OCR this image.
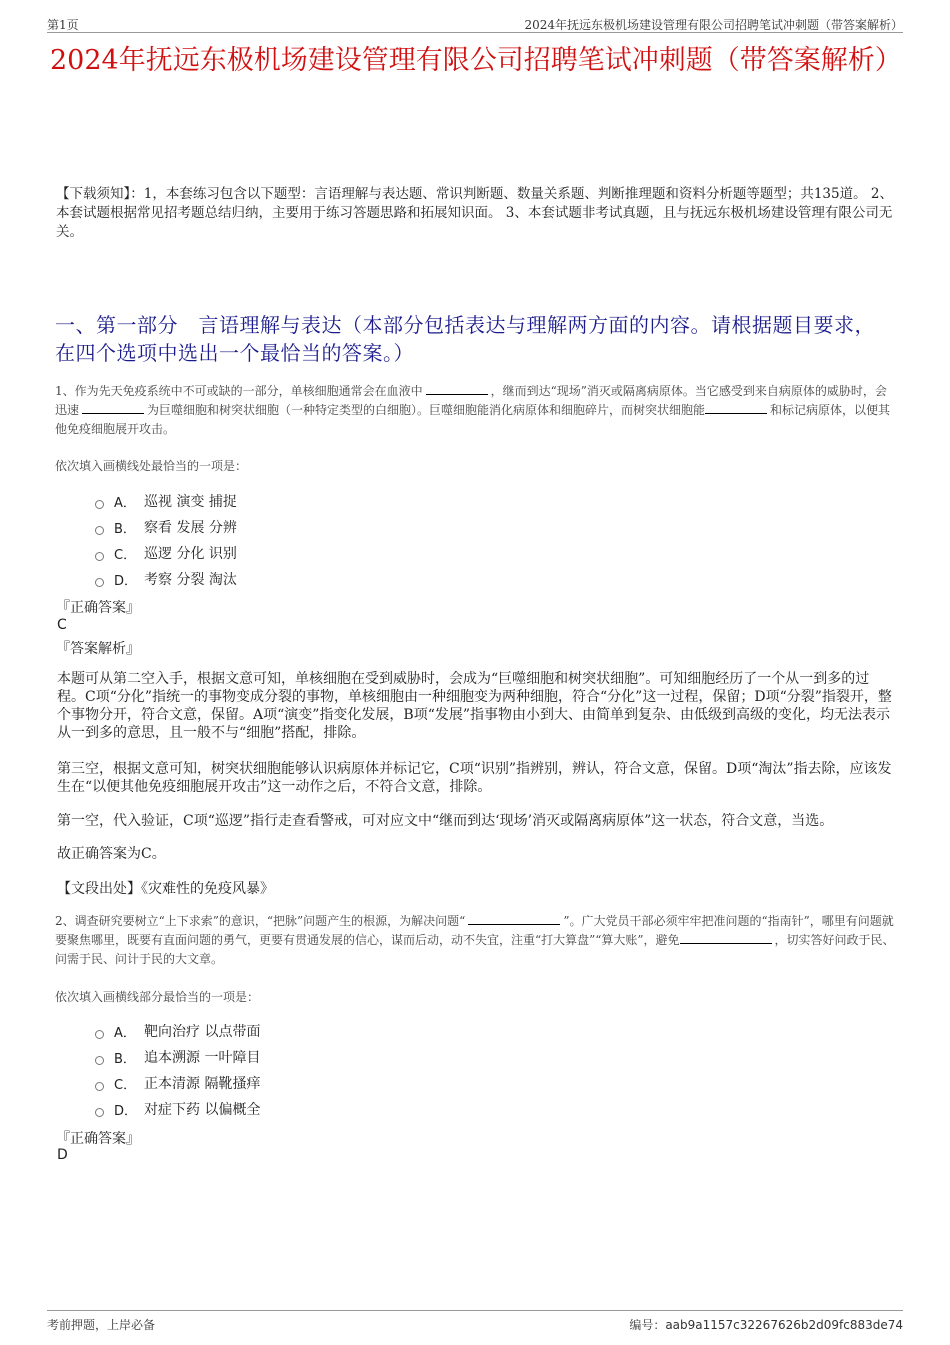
第1页	2024年抚远东极机场建设管理有限公司招聘笔试冲刺题（带答案解析）
2024年抚远东极机场建设管理有限公司招聘笔试冲刺题（带答案解析）
【下载须知】：1，本套练习包含以下题型：言语理解与表达题、常识判断题、数量关系题、判断推理题和资料分析题等题型；共135道。 2、本套试题根据常见招考题总结归纳，主要用于练习答题思路和拓展知识面。 3、本套试题非考试真题，且与抚远东极机场建设管理有限公司无关。
一、第一部分　言语理解与表达（本部分包括表达与理解两方面的内容。请根据题目要求，在四个选项中选出一个最恰当的答案。）
1、作为先天免疫系统中不可或缺的一部分，单核细胞通常会在血液中	，继而到达“现场”消灭或隔离病原体。当它感受到来自病原体的威胁时，会迅速	为巨噬细胞和树突状细胞（一种特定类型的白细胞）。巨噬细胞能消化病原体和细胞碎片，而树突状细胞能	和标记病原体，以便其他免疫细胞展开攻击。
依次填入画横线处最恰当的一项是：
A． 巡视 演变 捕捉
B． 察看 发展 分辨
C． 巡逻 分化 识别
D． 考察 分裂 淘汰
『正确答案』
C
『答案解析』
本题可从第二空入手，根据文意可知，单核细胞在受到威胁时，会成为“巨噬细胞和树突状细胞”。可知细胞经历了一个从一到多的过程。C项“分化”指统一的事物变成分裂的事物，单核细胞由一种细胞变为两种细胞，符合“分化”这一过程，保留；D项“分裂”指裂开，整个事物分开，符合文意，保留。A项“演变”指变化发展，B项“发展”指事物由小到大、由简单到复杂、由低级到高级的变化，均无法表示从一到多的意思，且一般不与“细胞”搭配，排除。
第三空，根据文意可知，树突状细胞能够认识病原体并标记它，C项“识别”指辨别，辨认，符合文意，保留。D项“淘汰”指去除，应该发生在“以便其他免疫细胞展开攻击”这一动作之后，不符合文意，排除。
第一空，代入验证，C项“巡逻”指行走查看警戒，可对应文中“继而到达‘现场’消灭或隔离病原体”这一状态，符合文意，当选。
故正确答案为C。
【文段出处】《灾难性的免疫风暴》
2、调查研究要树立“上下求索”的意识，“把脉”问题产生的根源，为解决问题“	”。广大党员干部必须牢牢把准问题的“指南针”，哪里有问题就要聚焦哪里，既要有直面问题的勇气，更要有贯通发展的信心，谋而后动，动不失宜，注重“打大算盘”“算大账”，避免	，切实答好问政于民、问需于民、问计于民的大文章。
依次填入画横线部分最恰当的一项是：
A． 靶向治疗 以点带面
B． 追本溯源 一叶障目
C． 正本清源 隔靴搔痒
D． 对症下药 以偏概全
『正确答案』
D
考前押题，上岸必备	编号：aab9a1157c32267626b2d09fc883de74
